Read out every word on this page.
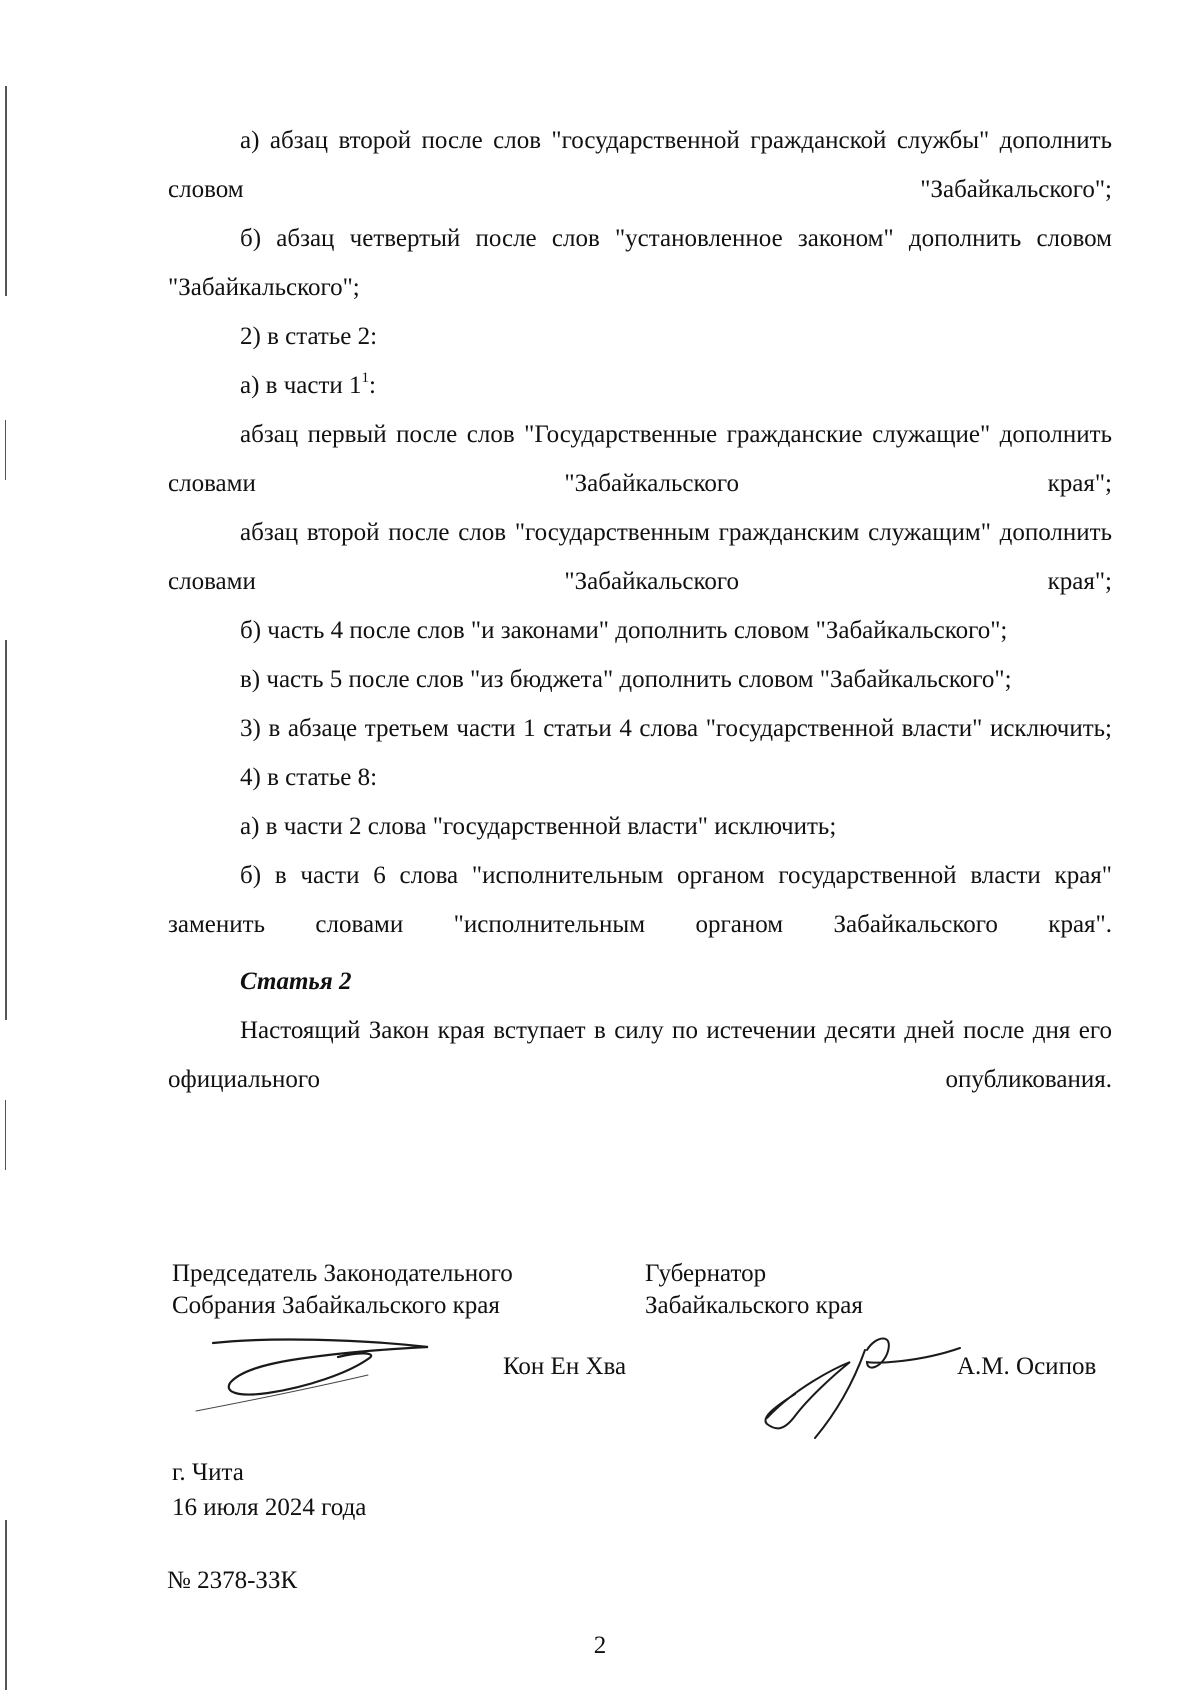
а) абзац второй после слов "государственной гражданской службы" дополнить словом "Забайкальского";

б) абзац четвертый после слов "установленное законом" дополнить словом "Забайкальского";

2) в статье 2:

а) в части $1^1$:

абзац первый после слов "Государственные гражданские служащие" дополнить словами "Забайкальского края";

абзац второй после слов "государственным гражданским служащим" дополнить словами "Забайкальского края";

б) часть 4 после слов "и законами" дополнить словом "Забайкальского";

в) часть 5 после слов "из бюджета" дополнить словом "Забайкальского";

3) в абзаце третьем части 1 статьи 4 слова "государственной власти" исключить;

4) в статье 8:

а) в части 2 слова "государственной власти" исключить;

б) в части 6 слова "исполнительным органом государственной власти края" заменить словами "исполнительным органом Забайкальского края".

Статья 2

Настоящий Закон края вступает в силу по истечении десяти дней после дня его официального опубликования.

Председатель Законодательного
Собрания Забайкальского края
Губернатор
Забайкальского края
Кон Ен Хва	А.М. Осипов
г. Чита
16 июля 2024 года
№ 2378-ЗЗК
2
